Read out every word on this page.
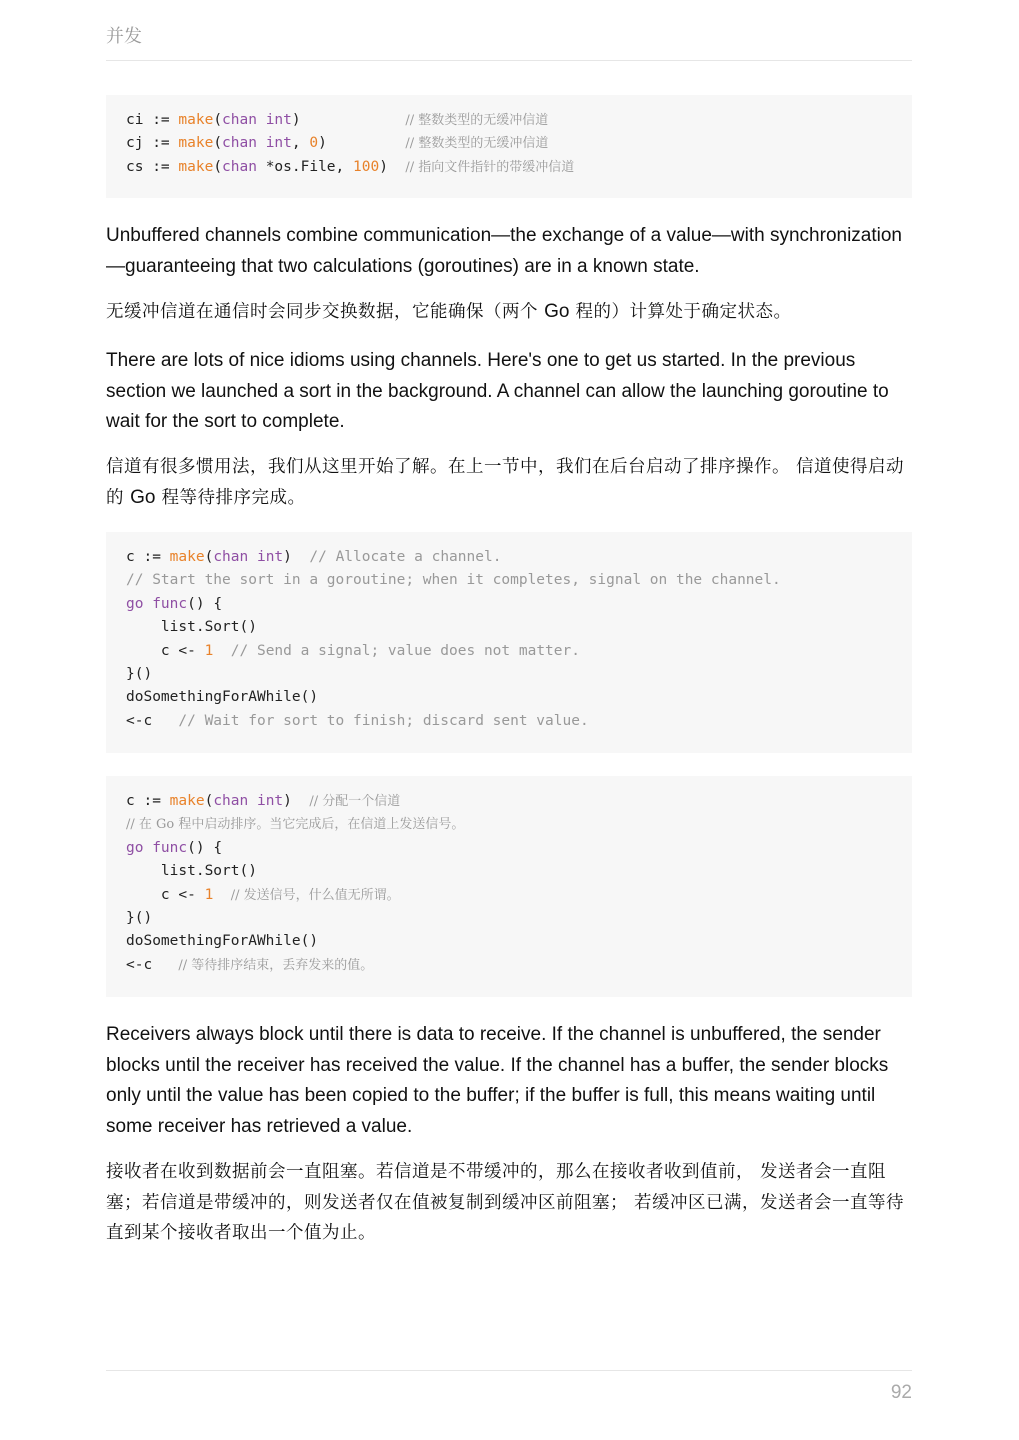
并发
ci := make(chan int)	// 整数类型的无缓冲信道
cj := make(chan int, 0)	// 整数类型的无缓冲信道
cs := make(chan *os.File, 100) // 指向文件指针的带缓冲信道
Unbuffered channels combine communication—the exchange of a value—with synchronization—guaranteeing that two calculations (goroutines) are in a known state.
无缓冲信道在通信时会同步交换数据，它能确保（两个 Go 程的）计算处于确定状态。
There are lots of nice idioms using channels. Here's one to get us started. In the previous section we launched a sort in the background. A channel can allow the launching goroutine to wait for the sort to complete.
信道有很多惯用法，我们从这里开始了解。在上一节中，我们在后台启动了排序操作。 信道使得启动的 Go 程等待排序完成。
c := make(chan int)  // Allocate a channel.
// Start the sort in a goroutine; when it completes, signal on the channel.
go func() {
list.Sort()
c <- 1 // Send a signal; value does not matter.
}()
doSomethingForAWhile()
<-c   // Wait for sort to finish; discard sent value.
c := make(chan int)  // 分配一个信道
// 在 Go 程中启动排序。当它完成后，在信道上发送信号。
go func() {
list.Sort()
c <- 1 // 发送信号，什么值无所谓。
}()
doSomethingForAWhile()
<-c   // 等待排序结束，丢弃发来的值。
Receivers always block until there is data to receive. If the channel is unbuffered, the sender blocks until the receiver has received the value. If the channel has a buffer, the sender blocks only until the value has been copied to the buffer; if the buffer is full, this means waiting until some receiver has retrieved a value.
接收者在收到数据前会一直阻塞。若信道是不带缓冲的，那么在接收者收到值前， 发送者会一直阻塞；若信道是带缓冲的，则发送者仅在值被复制到缓冲区前阻塞； 若缓冲区已满，发送者会一直等待直到某个接收者取出一个值为止。
92
